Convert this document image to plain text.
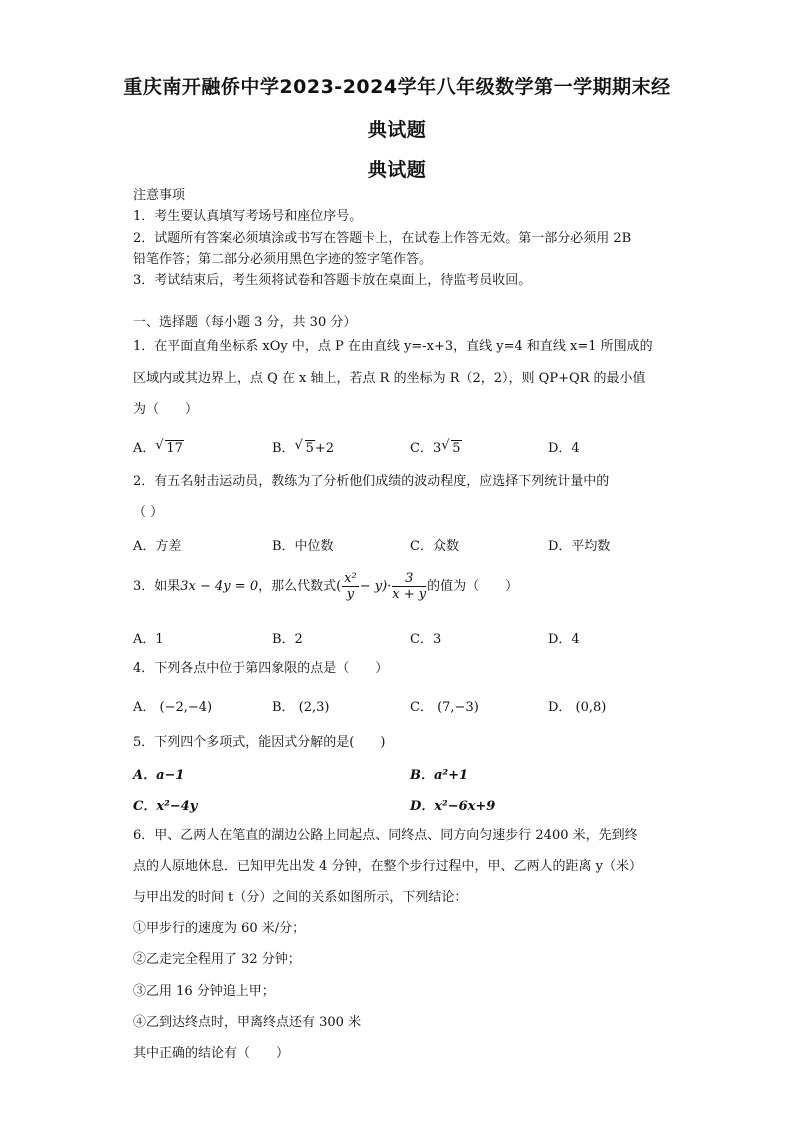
重庆南开融侨中学2023-2024学年八年级数学第一学期期末经
典试题
典试题
注意事项
1．考生要认真填写考场号和座位序号。
2．试题所有答案必须填涂或书写在答题卡上，在试卷上作答无效。第一部分必须用 2B
铅笔作答；第二部分必须用黑色字迹的签字笔作答。
3．考试结束后，考生须将试卷和答题卡放在桌面上，待监考员收回。
一、选择题（每小题 3 分，共 30 分）
1．在平面直角坐标系 xOy 中，点 P 在由直线 y=-x+3，直线 y=4 和直线 x=1 所围成的
区域内或其边界上，点 Q 在 x 轴上，若点 R 的坐标为 R（2，2），则 QP+QR 的最小值
为（　　）
A． √ 17	B． √ 5+2	C．3 √ 5	D．4
2．有五名射击运动员，教练为了分析他们成绩的波动程度，应选择下列统计量中的
（ ）
A．方差	B．中位数	C．众数	D．平均数
3．如果3x − 4y = 0，那么代数式( $\frac{\text{x²}}{y} - y)\cdot \frac{3}{x + y}$ 的值为（　　）
A．1	B．2	C．3	D．4
4．下列各点中位于第四象限的点是（　　）
A． (−2,−4)	B． (2,3)	C． (7,−3)	D． (0,8)
5．下列四个多项式，能因式分解的是(　　)
A．a−1	B．a²+1
C．x²−4y	D．x²−6x+9
6．甲、乙两人在笔直的湖边公路上同起点、同终点、同方向匀速步行 2400 米，先到终
点的人原地休息．已知甲先出发 4 分钟，在整个步行过程中，甲、乙两人的距离 y（米）
与甲出发的时间 t（分）之间的关系如图所示，下列结论：
①甲步行的速度为 60 米/分；
②乙走完全程用了 32 分钟；
③乙用 16 分钟追上甲；
④乙到达终点时，甲离终点还有 300 米
其中正确的结论有（　　）
